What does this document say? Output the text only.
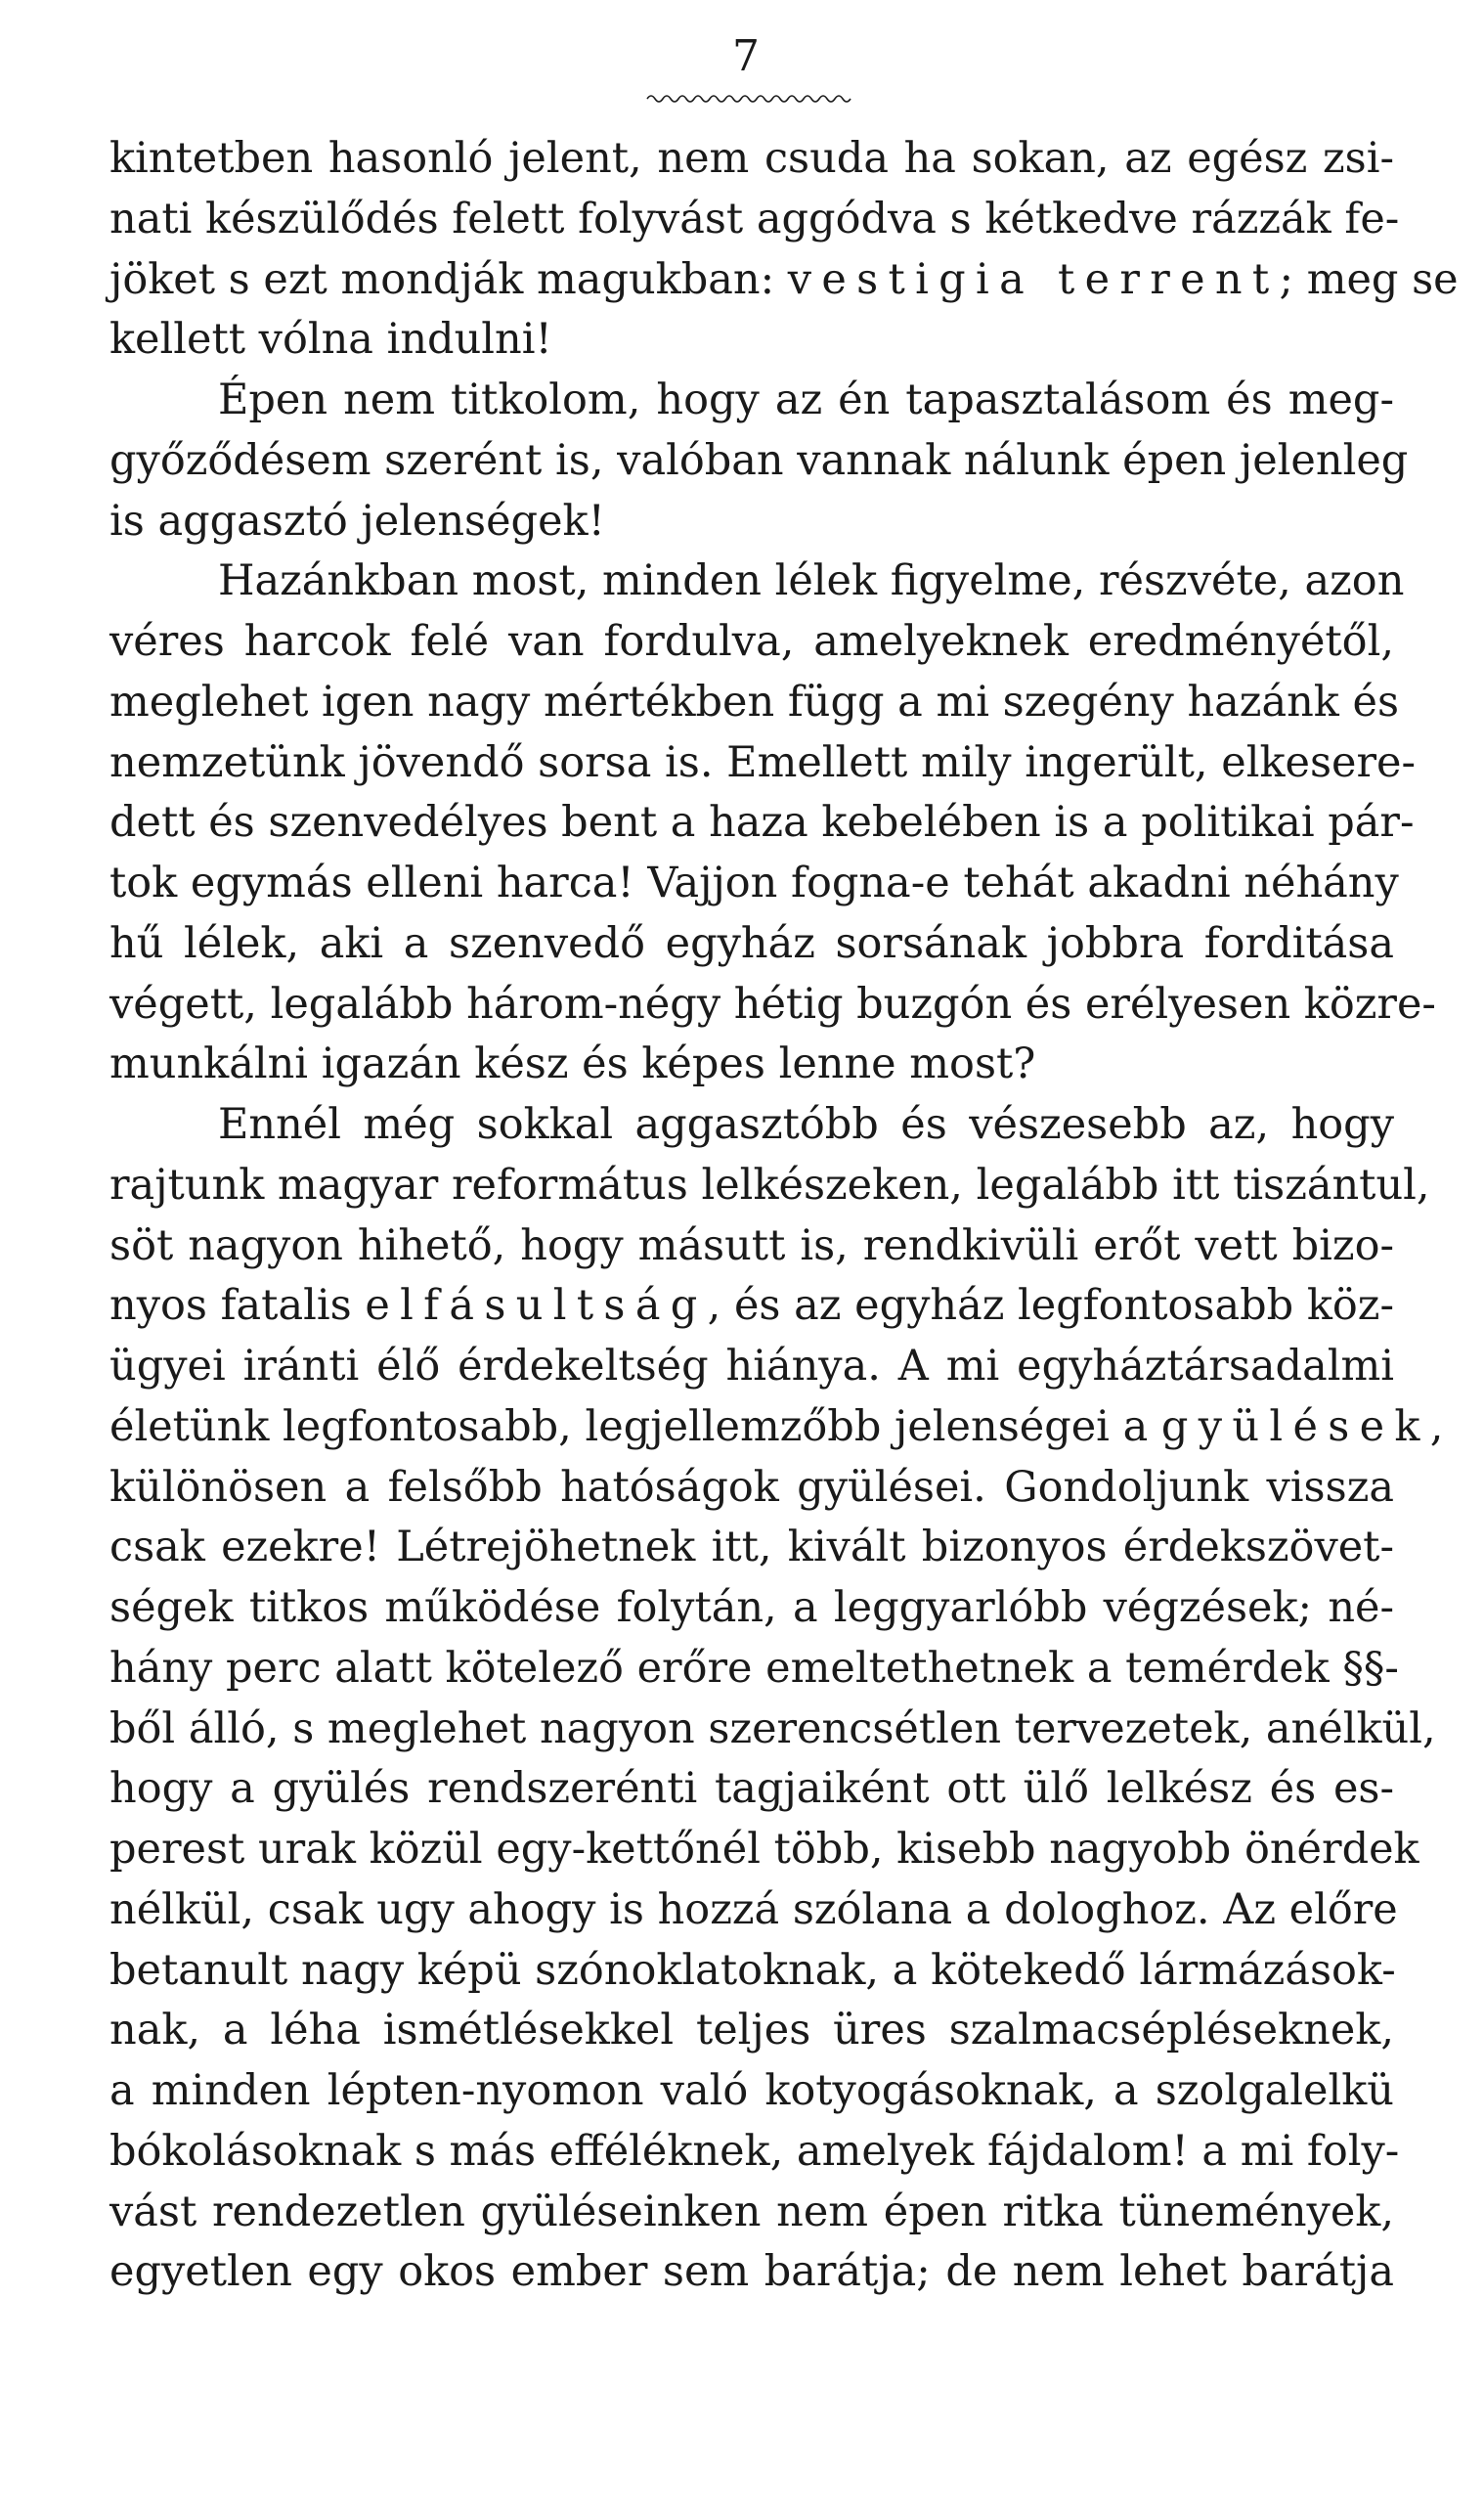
7
kintetben hasonló jelent, nem csuda ha sokan, az egész zsi-
nati készülődés felett folyvást aggódva s kétkedve rázzák fe-
jöket s ezt mondják magukban: vestigia terrent; meg se
kellett vólna indulni!
Épen nem titkolom, hogy az én tapasztalásom és meg-
győződésem szerént is, valóban vannak nálunk épen jelenleg
is aggasztó jelenségek!
Hazánkban most, minden lélek figyelme, részvéte, azon
véres harcok felé van fordulva, amelyeknek eredményétől,
meglehet igen nagy mértékben függ a mi szegény hazánk és
nemzetünk jövendő sorsa is. Emellett mily ingerült, elkesere-
dett és szenvedélyes bent a haza kebelében is a politikai pár-
tok egymás elleni harca! Vajjon fogna-e tehát akadni néhány
hű lélek, aki a szenvedő egyház sorsának jobbra forditása
végett, legalább három-négy hétig buzgón és erélyesen közre-
munkálni igazán kész és képes lenne most?
Ennél még sokkal aggasztóbb és vészesebb az, hogy
rajtunk magyar református lelkészeken, legalább itt tiszántul,
söt nagyon hihető, hogy másutt is, rendkivüli erőt vett bizo-
nyos fatalis elfásultság, és az egyház legfontosabb köz-
ügyei iránti élő érdekeltség hiánya. A mi egyháztársadalmi
életünk legfontosabb, legjellemzőbb jelenségei a gyülések,
különösen a felsőbb hatóságok gyülései. Gondoljunk vissza
csak ezekre! Létrejöhetnek itt, kivált bizonyos érdekszövet-
ségek titkos működése folytán, a leggyarlóbb végzések; né-
hány perc alatt kötelező erőre emeltethetnek a temérdek §§-
ből álló, s meglehet nagyon szerencsétlen tervezetek, anélkül,
hogy a gyülés rendszerénti tagjaiként ott ülő lelkész és es-
perest urak közül egy-kettőnél több, kisebb nagyobb önérdek
nélkül, csak ugy ahogy is hozzá szólana a dologhoz. Az előre
betanult nagy képü szónoklatoknak, a kötekedő lármázások-
nak, a léha ismétlésekkel teljes üres szalmacsépléseknek,
a minden lépten-nyomon való kotyogásoknak, a szolgalelkü
bókolásoknak s más efféléknek, amelyek fájdalom! a mi foly-
vást rendezetlen gyüléseinken nem épen ritka tünemények,
egyetlen egy okos ember sem barátja; de nem lehet barátja
